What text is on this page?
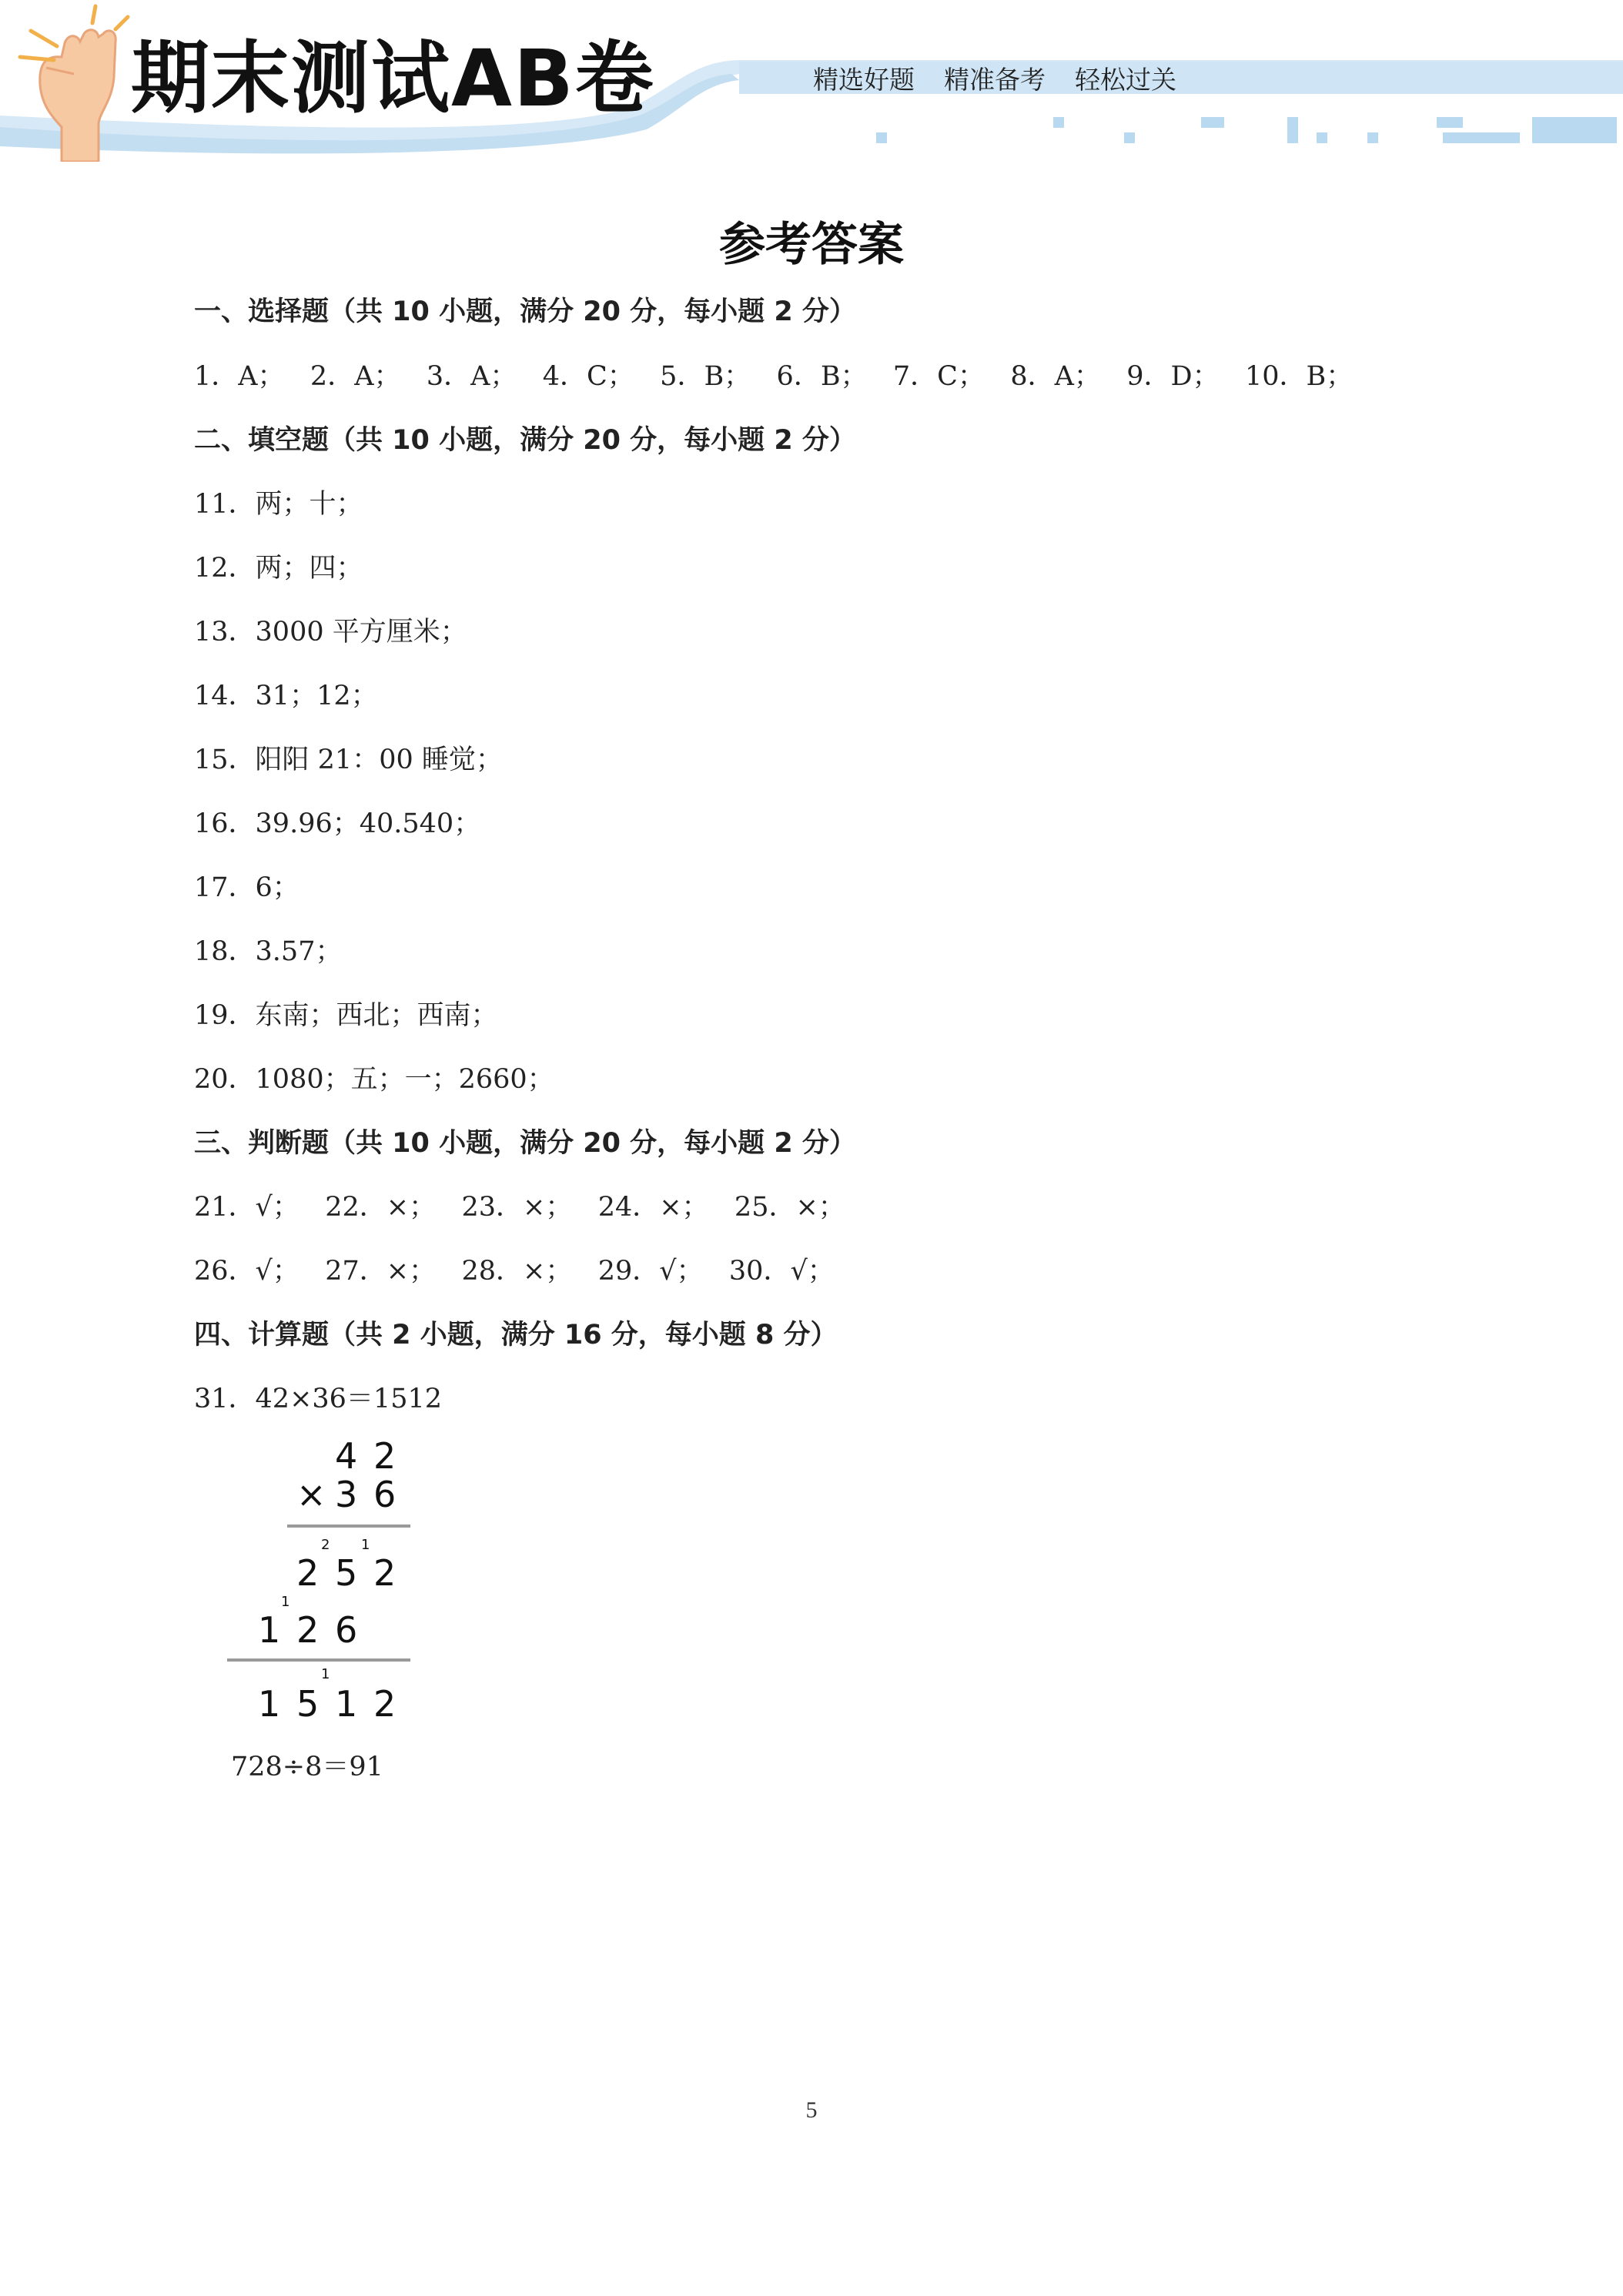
期末测试AB卷	精选好题 精准备考 轻松过关
参考答案
一、选择题（共 10 小题，满分 20 分，每小题 2 分）
1．A；   2．A；   3．A；   4．C；   5．B；   6．B；   7．C；   8．A；   9．D；   10．B；
二、填空题（共 10 小题，满分 20 分，每小题 2 分）
11．两；十；
12．两；四；
13．3000 平方厘米；
14．31；12；
15．阳阳 21：00 睡觉；
16．39.96；40.540；
17．6；
18．3.57；
19．东南；西北；西南；
20．1080；五；一；2660；
三、判断题（共 10 小题，满分 20 分，每小题 2 分）
21．√；   22．×；   23．×；   24．×；   25．×；
26．√；   27．×；   28．×；   29．√；   30．√；
四、计算题（共 2 小题，满分 16 分，每小题 8 分）
31．42×36＝1512
4 2
× 3 6
2 1
2 5 2
1
1 2 6
1
1 5 1 2
728÷8＝91
5
